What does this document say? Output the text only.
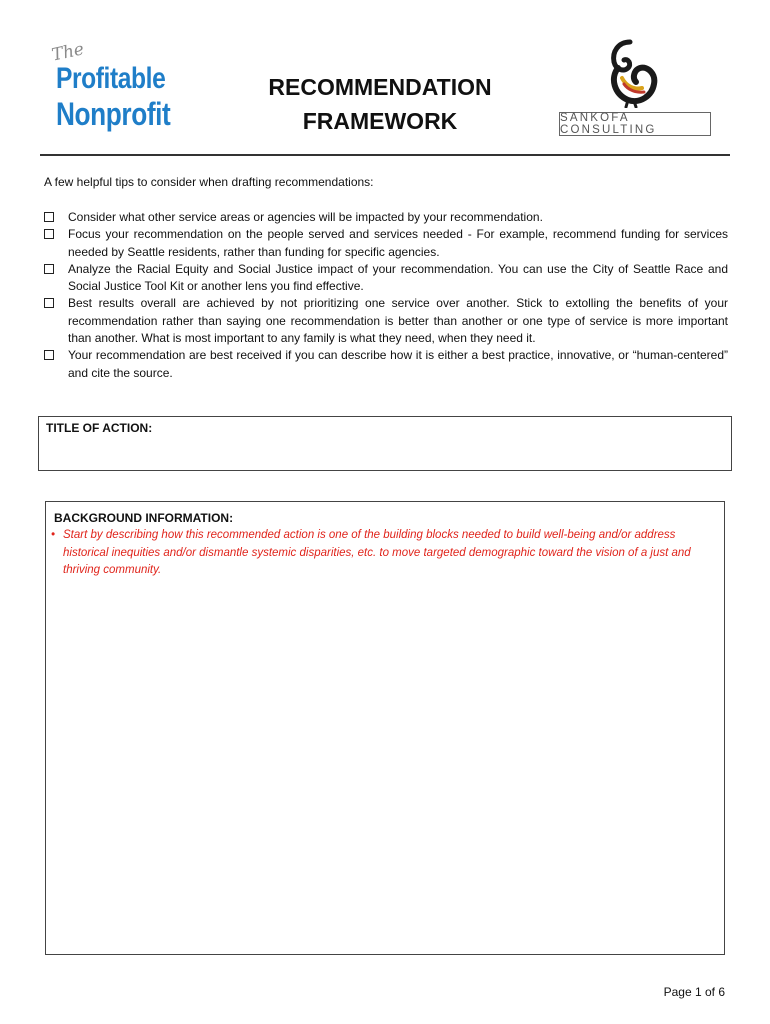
The
Profitable
Nonprofit
RECOMMENDATION
FRAMEWORK	SANKOFA CONSULTING
A few helpful tips to consider when drafting recommendations:
Consider what other service areas or agencies will be impacted by your recommendation.
Focus your recommendation on the people served and services needed - For example, recommend funding for services needed by Seattle residents, rather than funding for specific agencies.
Analyze the Racial Equity and Social Justice impact of your recommendation. You can use the City of Seattle Race and Social Justice Tool Kit or another lens you find effective.
Best results overall are achieved by not prioritizing one service over another. Stick to extolling the benefits of your recommendation rather than saying one recommendation is better than another or one type of service is more important than another. What is most important to any family is what they need, when they need it.
Your recommendation are best received if you can describe how it is either a best practice, innovative, or “human-centered” and cite the source.
TITLE OF ACTION:
BACKGROUND INFORMATION:
• Start by describing how this recommended action is one of the building blocks needed to build well-being and/or address historical inequities and/or dismantle systemic disparities, etc. to move targeted demographic toward the vision of a just and thriving community.
Page 1 of 6
